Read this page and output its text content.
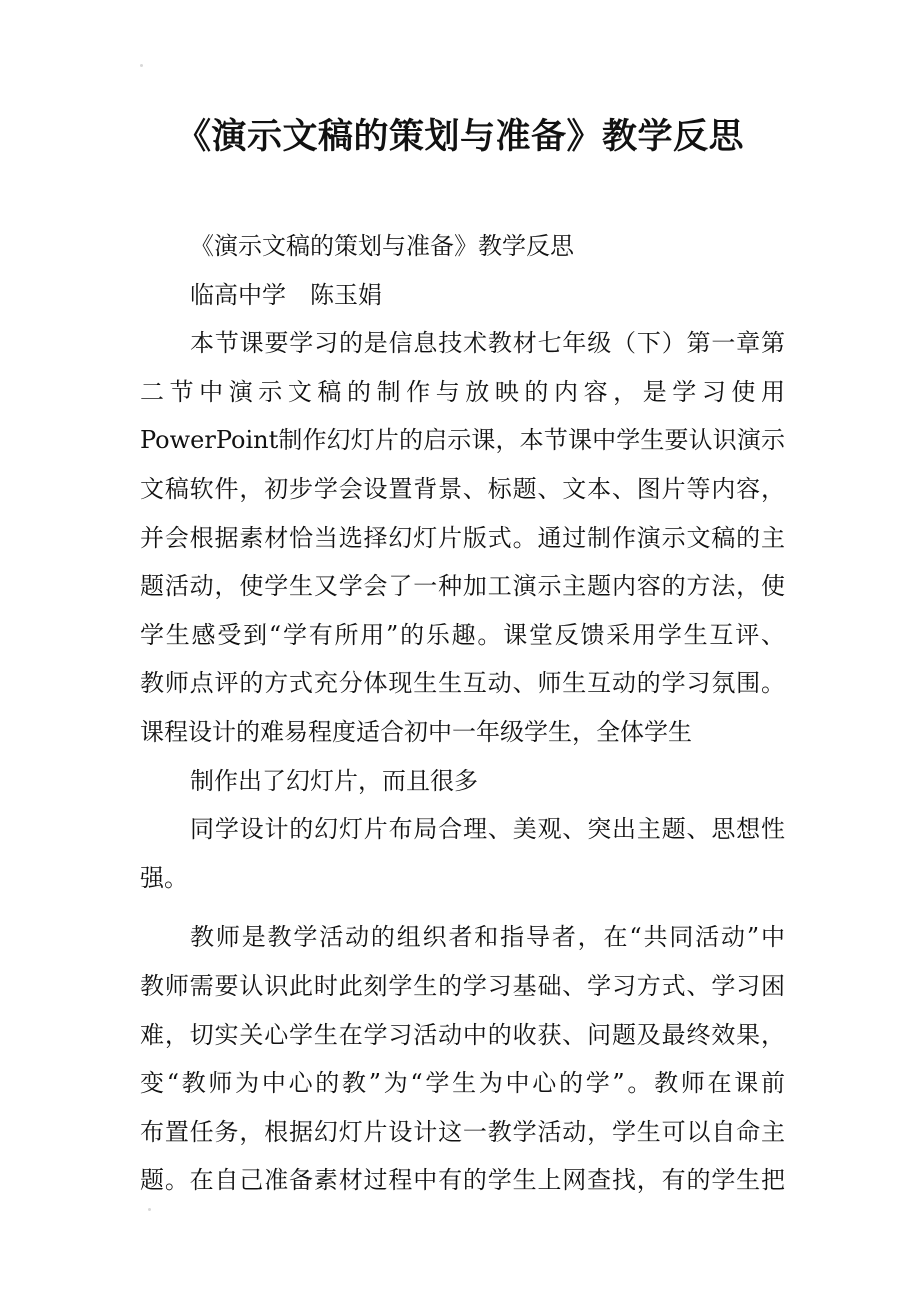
《演示文稿的策划与准备》教学反思
《演示文稿的策划与准备》教学反思
临高中学　陈玉娟
本节课要学习的是信息技术教材七年级（下）第一章第
二节中演示文稿的制作与放映的内容，是学习使用
PowerPoint制作幻灯片的启示课，本节课中学生要认识演示
文稿软件，初步学会设置背景、标题、文本、图片等内容，
并会根据素材恰当选择幻灯片版式。通过制作演示文稿的主
题活动，使学生又学会了一种加工演示主题内容的方法，使
学生感受到“学有所用”的乐趣。课堂反馈采用学生互评、
教师点评的方式充分体现生生互动、师生互动的学习氛围。
课程设计的难易程度适合初中一年级学生，全体学生
制作出了幻灯片，而且很多
同学设计的幻灯片布局合理、美观、突出主题、思想性
强。
教师是教学活动的组织者和指导者，在“共同活动”中
教师需要认识此时此刻学生的学习基础、学习方式、学习困
难，切实关心学生在学习活动中的收获、问题及最终效果，
变“教师为中心的教”为“学生为中心的学”。教师在课前
布置任务，根据幻灯片设计这一教学活动，学生可以自命主
题。在自己准备素材过程中有的学生上网查找，有的学生把
